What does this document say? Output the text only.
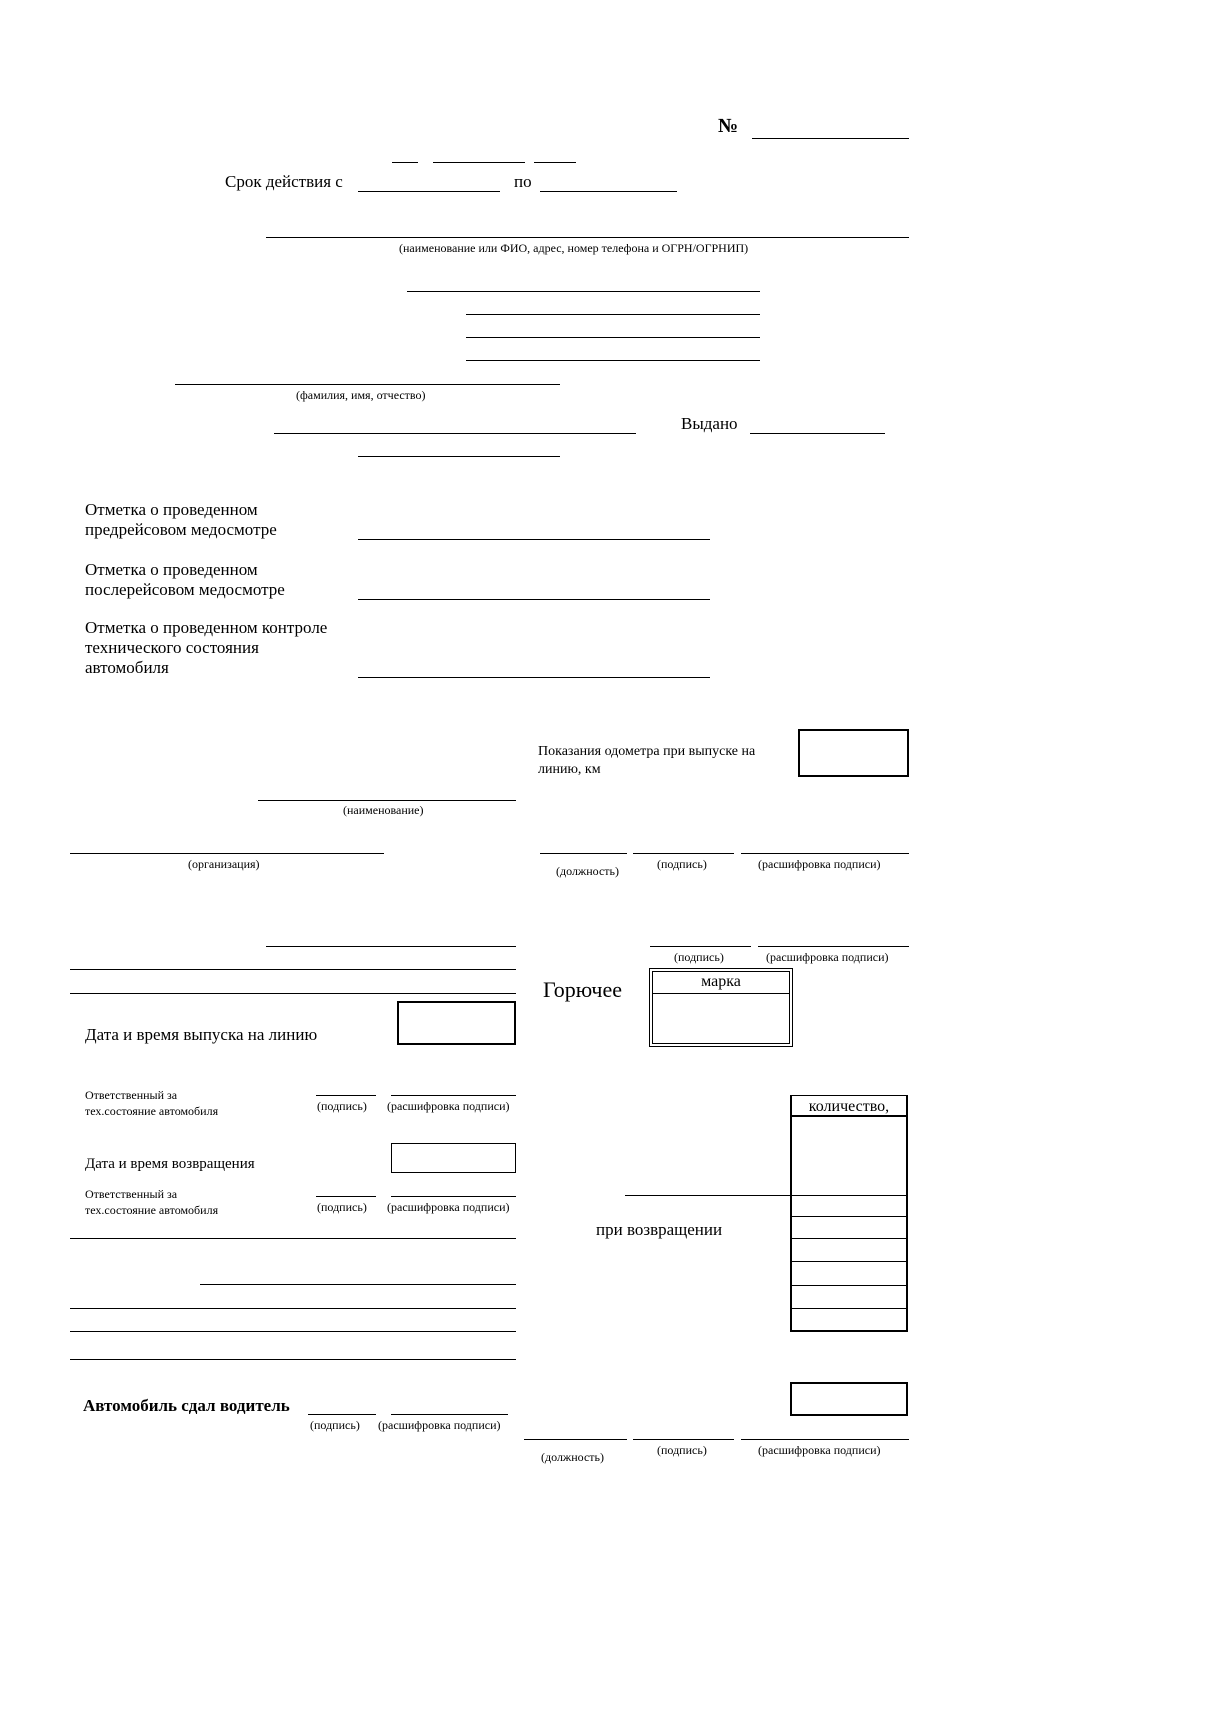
№
Срок действия с	по
(наименование или ФИО, адрес, номер телефона и ОГРН/ОГРНИП)
(фамилия, имя, отчество)
Выдано
Отметка о проведенном предрейсовом медосмотре
Отметка о проведенном послерейсовом медосмотре
Отметка о проведенном контроле технического состояния автомобиля
Показания одометра при выпуске на линию, км
(наименование)
(организация)	(должность)	(подпись)	(расшифровка подписи)
(подпись)	(расшифровка подписи)
Горючее	марка
Дата и время выпуска на линию
Ответственный за тех.состояние автомобиля	(подпись) (расшифровка подписи)
Дата и время возвращения
Ответственный за тех.состояние автомобиля	(подпись) (расшифровка подписи)
количество,
при возвращении
Автомобиль сдал водитель
(подпись) (расшифровка подписи)
(должность)	(подпись)	(расшифровка подписи)
